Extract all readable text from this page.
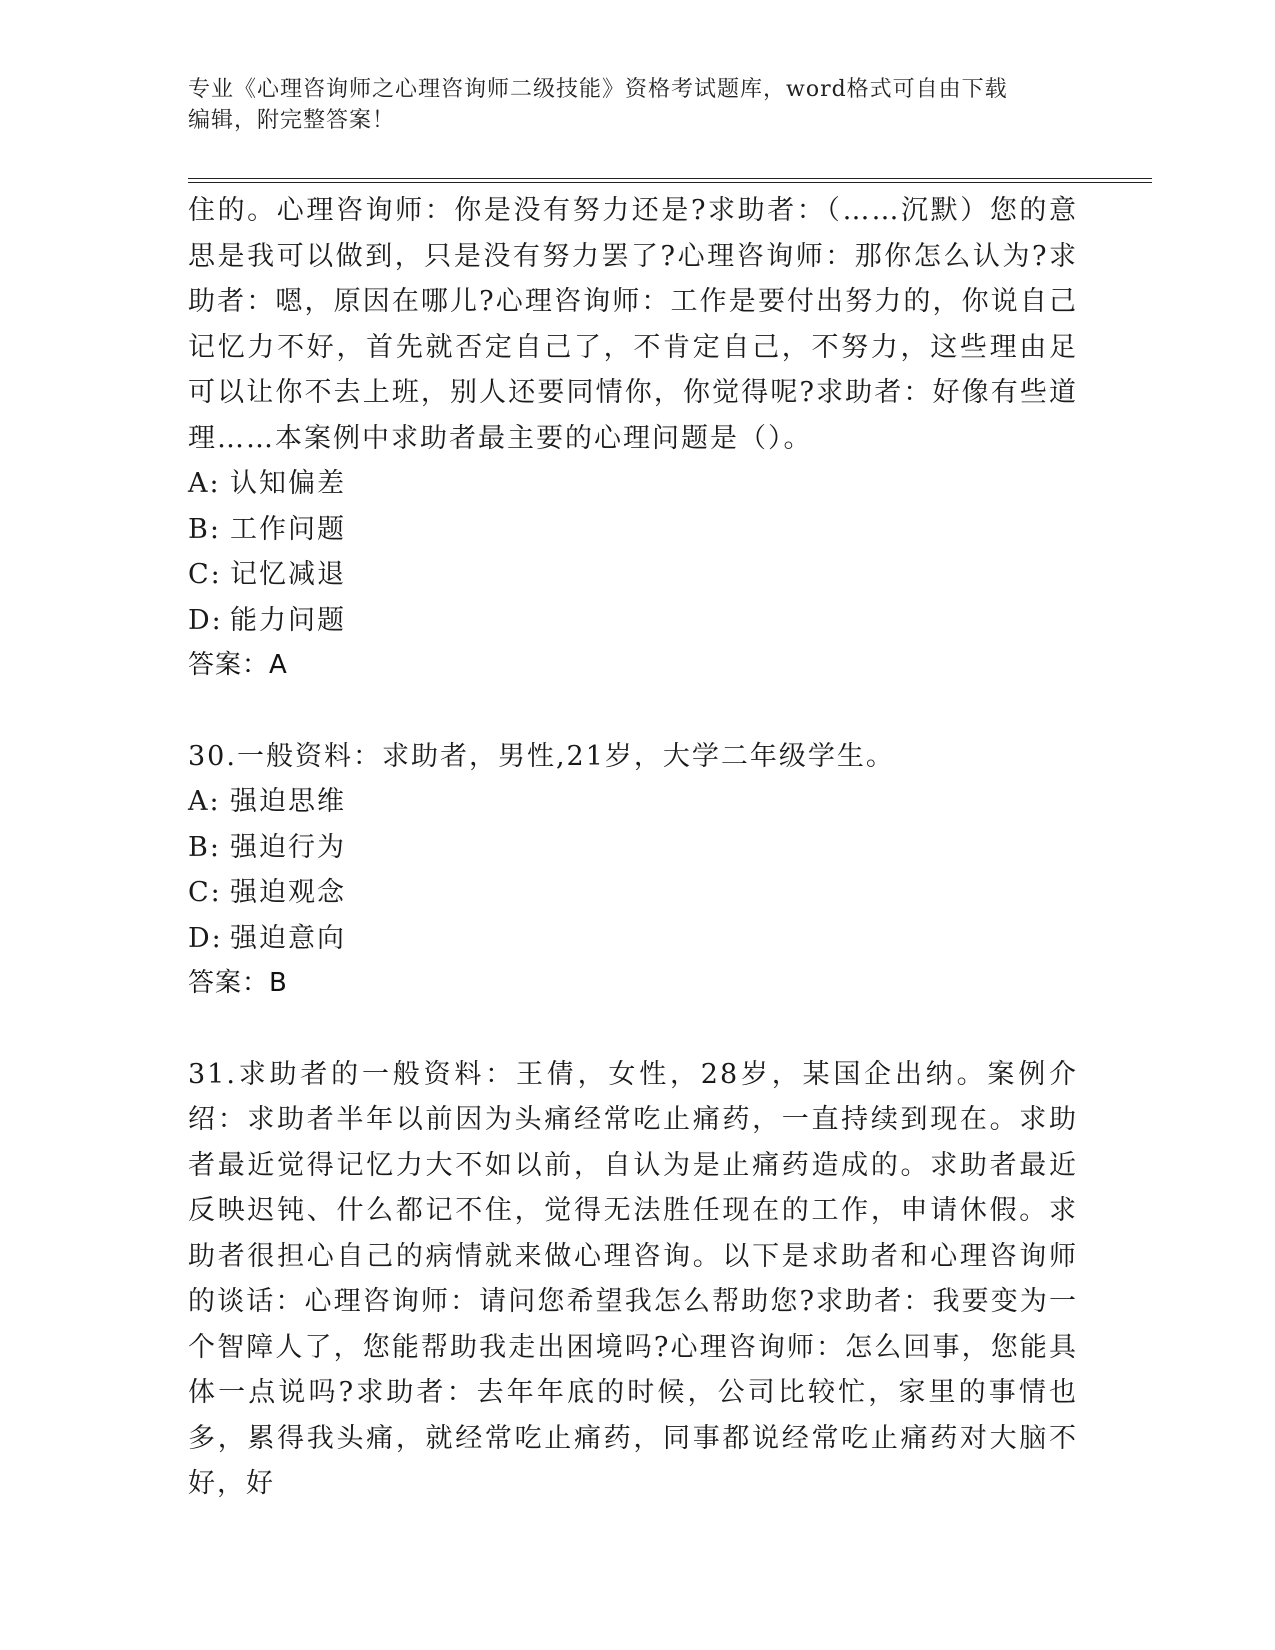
专业《心理咨询师之心理咨询师二级技能》资格考试题库，word格式可自由下载
编辑，附完整答案！

住的。心理咨询师：你是没有努力还是?求助者：（……沉默）您的意思是我可以做到，只是没有努力罢了?心理咨询师：那你怎么认为?求助者：嗯，原因在哪儿?心理咨询师：工作是要付出努力的，你说自己记忆力不好，首先就否定自己了，不肯定自己，不努力，这些理由足可以让你不去上班，别人还要同情你，你觉得呢?求助者：好像有些道理……本案例中求助者最主要的心理问题是（）。

A: 认知偏差
B: 工作问题
C: 记忆减退
D: 能力问题
答案：A

30.一般资料：求助者，男性,21岁，大学二年级学生。

A: 强迫思维
B: 强迫行为
C: 强迫观念
D: 强迫意向
答案：B

31.求助者的一般资料：王倩，女性，28岁，某国企出纳。案例介绍：求助者半年以前因为头痛经常吃止痛药，一直持续到现在。求助者最近觉得记忆力大不如以前，自认为是止痛药造成的。求助者最近反映迟钝、什么都记不住，觉得无法胜任现在的工作，申请休假。求助者很担心自己的病情就来做心理咨询。以下是求助者和心理咨询师的谈话：心理咨询师：请问您希望我怎么帮助您?求助者：我要变为一个智障人了，您能帮助我走出困境吗?心理咨询师：怎么回事，您能具体一点说吗?求助者：去年年底的时候，公司比较忙，家里的事情也多，累得我头痛，就经常吃止痛药，同事都说经常吃止痛药对大脑不好，好
